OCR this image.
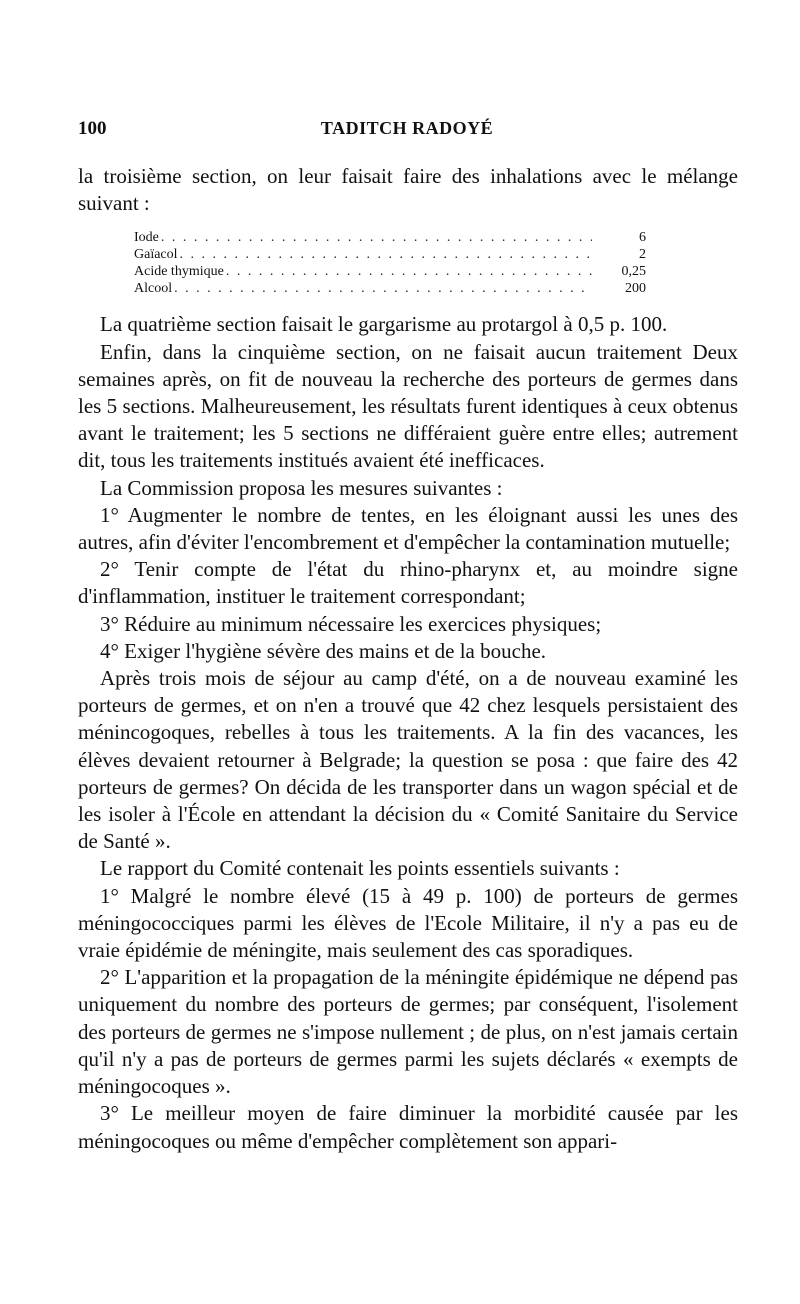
100	TADITCH RADOYÉ

la troisième section, on leur faisait faire des inhalations avec le mélange suivant :

Iode . . .	6
Gaïacol . . .	2
Acide thymique . . .	0,25
Alcool . . .	200

La quatrième section faisait le gargarisme au protargol à 0,5 p. 100.

Enfin, dans la cinquième section, on ne faisait aucun traitement Deux semaines après, on fit de nouveau la recherche des porteurs de germes dans les 5 sections. Malheureusement, les résultats furent identiques à ceux obtenus avant le traitement; les 5 sections ne différaient guère entre elles; autrement dit, tous les traitements institués avaient été inefficaces.

La Commission proposa les mesures suivantes :

1° Augmenter le nombre de tentes, en les éloignant aussi les unes des autres, afin d'éviter l'encombrement et d'empêcher la contamination mutuelle;

2° Tenir compte de l'état du rhino-pharynx et, au moindre signe d'inflammation, instituer le traitement correspondant;

3° Réduire au minimum nécessaire les exercices physiques;

4° Exiger l'hygiène sévère des mains et de la bouche.

Après trois mois de séjour au camp d'été, on a de nouveau examiné les porteurs de germes, et on n'en a trouvé que 42 chez lesquels persistaient des ménincogoques, rebelles à tous les traitements. A la fin des vacances, les élèves devaient retourner à Belgrade; la question se posa : que faire des 42 porteurs de germes? On décida de les transporter dans un wagon spécial et de les isoler à l'École en attendant la décision du « Comité Sanitaire du Service de Santé ».

Le rapport du Comité contenait les points essentiels suivants :

1° Malgré le nombre élevé (15 à 49 p. 100) de porteurs de germes méningococciques parmi les élèves de l'Ecole Militaire, il n'y a pas eu de vraie épidémie de méningite, mais seulement des cas sporadiques.

2° L'apparition et la propagation de la méningite épidémique ne dépend pas uniquement du nombre des porteurs de germes; par conséquent, l'isolement des porteurs de germes ne s'impose nullement ; de plus, on n'est jamais certain qu'il n'y a pas de porteurs de germes parmi les sujets déclarés « exempts de méningocoques ».

3° Le meilleur moyen de faire diminuer la morbidité causée par les méningocoques ou même d'empêcher complètement son appari-
